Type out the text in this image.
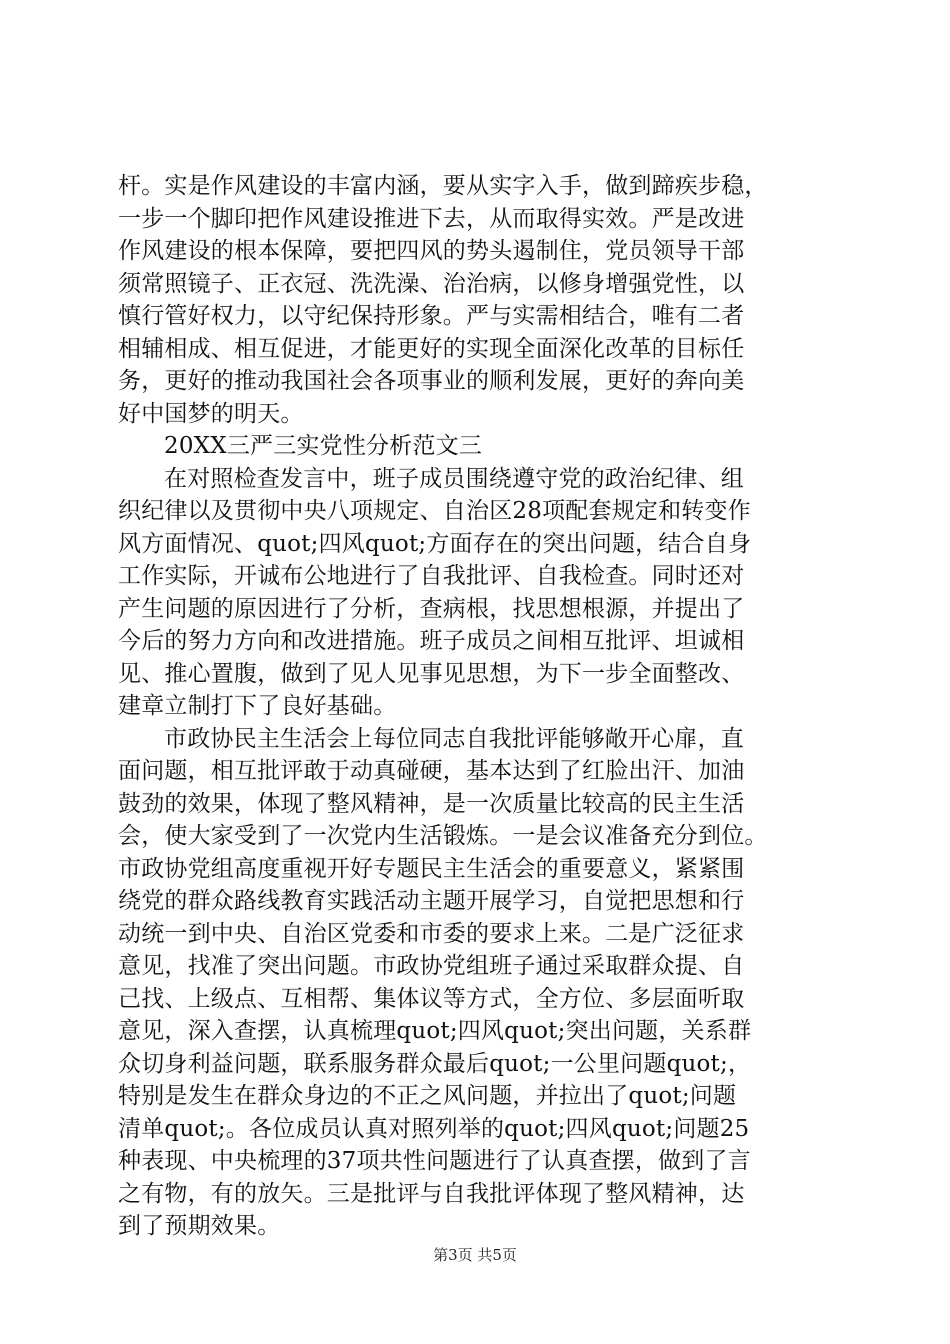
杆。实是作风建设的丰富内涵，要从实字入手，做到蹄疾步稳，
一步一个脚印把作风建设推进下去，从而取得实效。严是改进
作风建设的根本保障，要把四风的势头遏制住，党员领导干部
须常照镜子、正衣冠、洗洗澡、治治病，以修身增强党性，以
慎行管好权力，以守纪保持形象。严与实需相结合，唯有二者
相辅相成、相互促进，才能更好的实现全面深化改革的目标任
务，更好的推动我国社会各项事业的顺利发展，更好的奔向美
好中国梦的明天。
20XX三严三实党性分析范文三
在对照检查发言中，班子成员围绕遵守党的政治纪律、组
织纪律以及贯彻中央八项规定、自治区28项配套规定和转变作
风方面情况、quot;四风quot;方面存在的突出问题，结合自身
工作实际，开诚布公地进行了自我批评、自我检查。同时还对
产生问题的原因进行了分析，查病根，找思想根源，并提出了
今后的努力方向和改进措施。班子成员之间相互批评、坦诚相
见、推心置腹，做到了见人见事见思想，为下一步全面整改、
建章立制打下了良好基础。
市政协民主生活会上每位同志自我批评能够敞开心扉，直
面问题，相互批评敢于动真碰硬，基本达到了红脸出汗、加油
鼓劲的效果，体现了整风精神，是一次质量比较高的民主生活
会，使大家受到了一次党内生活锻炼。一是会议准备充分到位。
市政协党组高度重视开好专题民主生活会的重要意义，紧紧围
绕党的群众路线教育实践活动主题开展学习，自觉把思想和行
动统一到中央、自治区党委和市委的要求上来。二是广泛征求
意见，找准了突出问题。市政协党组班子通过采取群众提、自
己找、上级点、互相帮、集体议等方式，全方位、多层面听取
意见，深入查摆，认真梳理quot;四风quot;突出问题，关系群
众切身利益问题，联系服务群众最后quot;一公里问题quot;，
特别是发生在群众身边的不正之风问题，并拉出了quot;问题
清单quot;。各位成员认真对照列举的quot;四风quot;问题25
种表现、中央梳理的37项共性问题进行了认真查摆，做到了言
之有物，有的放矢。三是批评与自我批评体现了整风精神，达
到了预期效果。
第3页 共5页
